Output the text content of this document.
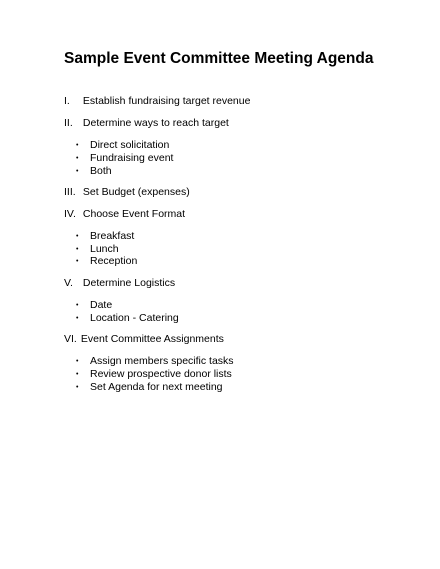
Sample Event Committee Meeting Agenda
I. Establish fundraising target revenue
II. Determine ways to reach target
• Direct solicitation
• Fundraising event
• Both
III. Set Budget (expenses)
IV. Choose Event Format
• Breakfast
• Lunch
• Reception
V. Determine Logistics
• Date
• Location - Catering
VI. Event Committee Assignments
• Assign members specific tasks
• Review prospective donor lists
• Set Agenda for next meeting
